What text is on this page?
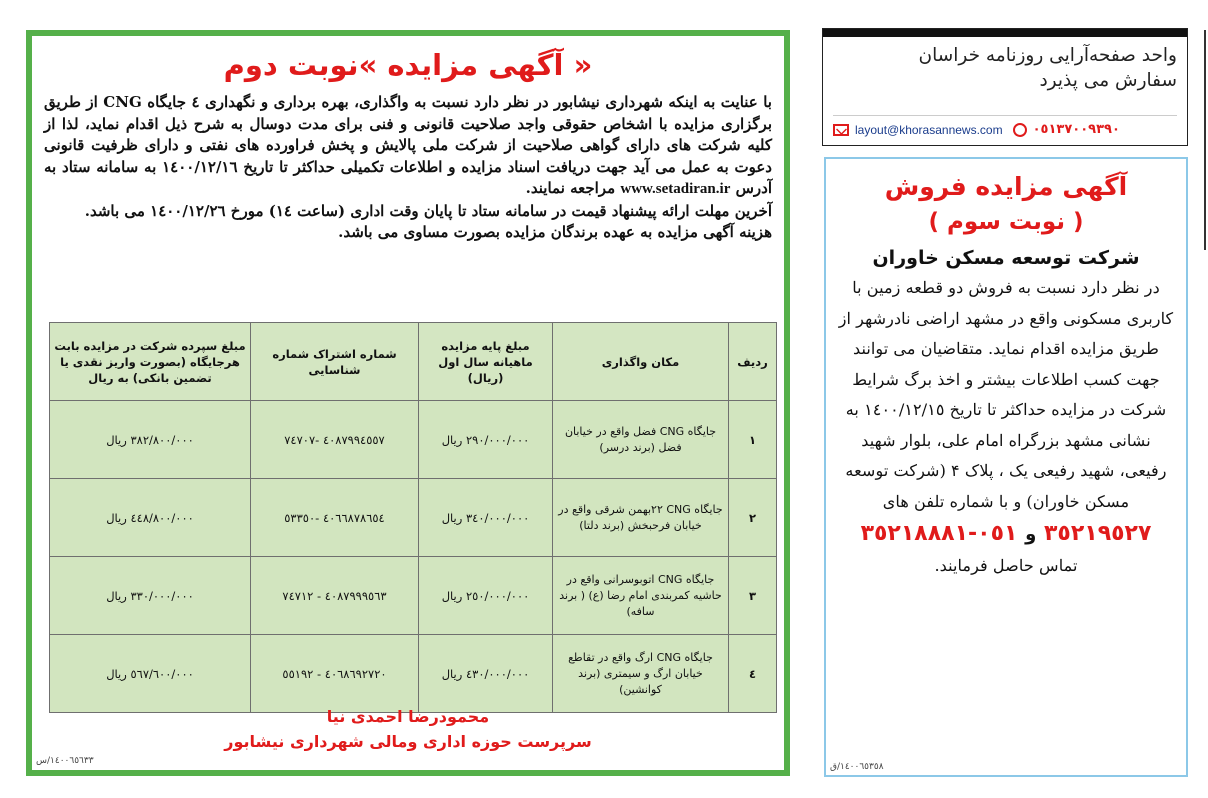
« آگهی مزایده »نوبت دوم

با عنایت به اینکه شهرداری نیشابور در نظر دارد نسبت به واگذاری، بهره برداری و نگهداری ٤ جایگاه CNG از طریق برگزاری مزایده با اشخاص حقوقی واجد صلاحیت قانونی و فنی برای مدت دوسال به شرح ذیل اقدام نماید، لذا از کلیه شرکت های دارای گواهی صلاحیت از شرکت ملی پالایش و پخش فراورده های نفتی و دارای ظرفیت قانونی دعوت به عمل می آید جهت دریافت اسناد مزایده و اطلاعات تکمیلی حداکثر تا تاریخ ١٤٠٠/١٢/١٦ به سامانه ستاد به آدرس www.setadiran.ir مراجعه نمایند.

آخرین مهلت ارائه پیشنهاد قیمت در سامانه ستاد تا پایان وقت اداری (ساعت ١٤) مورخ ١٤٠٠/١٢/٢٦ می باشد.

هزینه آگهی مزایده به عهده برندگان مزایده بصورت مساوی می باشد.

ردیف	مکان واگذاری	مبلغ پایه مزایده ماهیانه سال اول (ریال)	شماره اشتراک شماره شناسایی	مبلغ سپرده شرکت در مزایده بابت هرجایگاه (بصورت واریز نقدی یا تضمین بانکی) به ریال
١	جایگاه CNG فضل واقع در خیابان فضل (برند درسر)	٢٩٠/٠٠٠/٠٠٠ ریال	٤٠٨٧٩٩٤٥٥٧ -٧٤٧٠٧	٣٨٢/٨٠٠/٠٠٠ ریال
٢	جایگاه CNG ٢٢بهمن شرقی واقع در خیابان فرحبخش (برند دلتا)	٣٤٠/٠٠٠/٠٠٠ ریال	٤٠٦٦٨٧٨٦٥٤ -٥٣٣٥٠	٤٤٨/٨٠٠/٠٠٠ ریال
٣	جایگاه CNG اتوبوسرانی واقع در حاشیه کمربندی امام رضا (ع) ( برند سافه)	٢٥٠/٠٠٠/٠٠٠ ریال	٤٠٨٧٩٩٩٥٦٣ - ٧٤٧١٢	٣٣٠/٠٠٠/٠٠٠ ریال
٤	جایگاه CNG ارگ واقع در تقاطع خیابان ارگ و سیمتری (برند کوانشین)	٤٣٠/٠٠٠/٠٠٠ ریال	٤٠٦٨٦٩٢٧٢٠ - ٥٥١٩٢	٥٦٧/٦٠٠/٠٠٠ ریال
محمودرضا احمدی نیا
سرپرست حوزه اداری ومالی شهرداری نیشابور
١٤٠٠٦٥٦٣٣/س
واحد صفحه‌آرایی روزنامه خراسان
سفارش می پذیرد
layout@khorasannews.com ٠٥١٣٧٠٠٩٣٩٠
آگهی مزایده فروش
( نوبت سوم )
شرکت توسعه مسکن خاوران
در نظر دارد نسبت به فروش دو قطعه زمین با کاربری مسکونی واقع در مشهد اراضی نادرشهر از طریق مزایده اقدام نماید. متقاضیان می توانند جهت کسب اطلاعات بیشتر و اخذ برگ شرایط شرکت در مزایده حداکثر تا تاریخ ١٤٠٠/١٢/١٥ به نشانی مشهد بزرگراه امام علی، بلوار شهید رفیعی، شهید رفیعی یک ، پلاک ۴ (شرکت توسعه مسکن خاوران) و با شماره تلفن های
٣٥٢١٩٥٢٧ و ٠٥١-٣٥٢١٨٨٨١
تماس حاصل فرمایند.
١٤٠٠٦٥٣٥٨/ق
